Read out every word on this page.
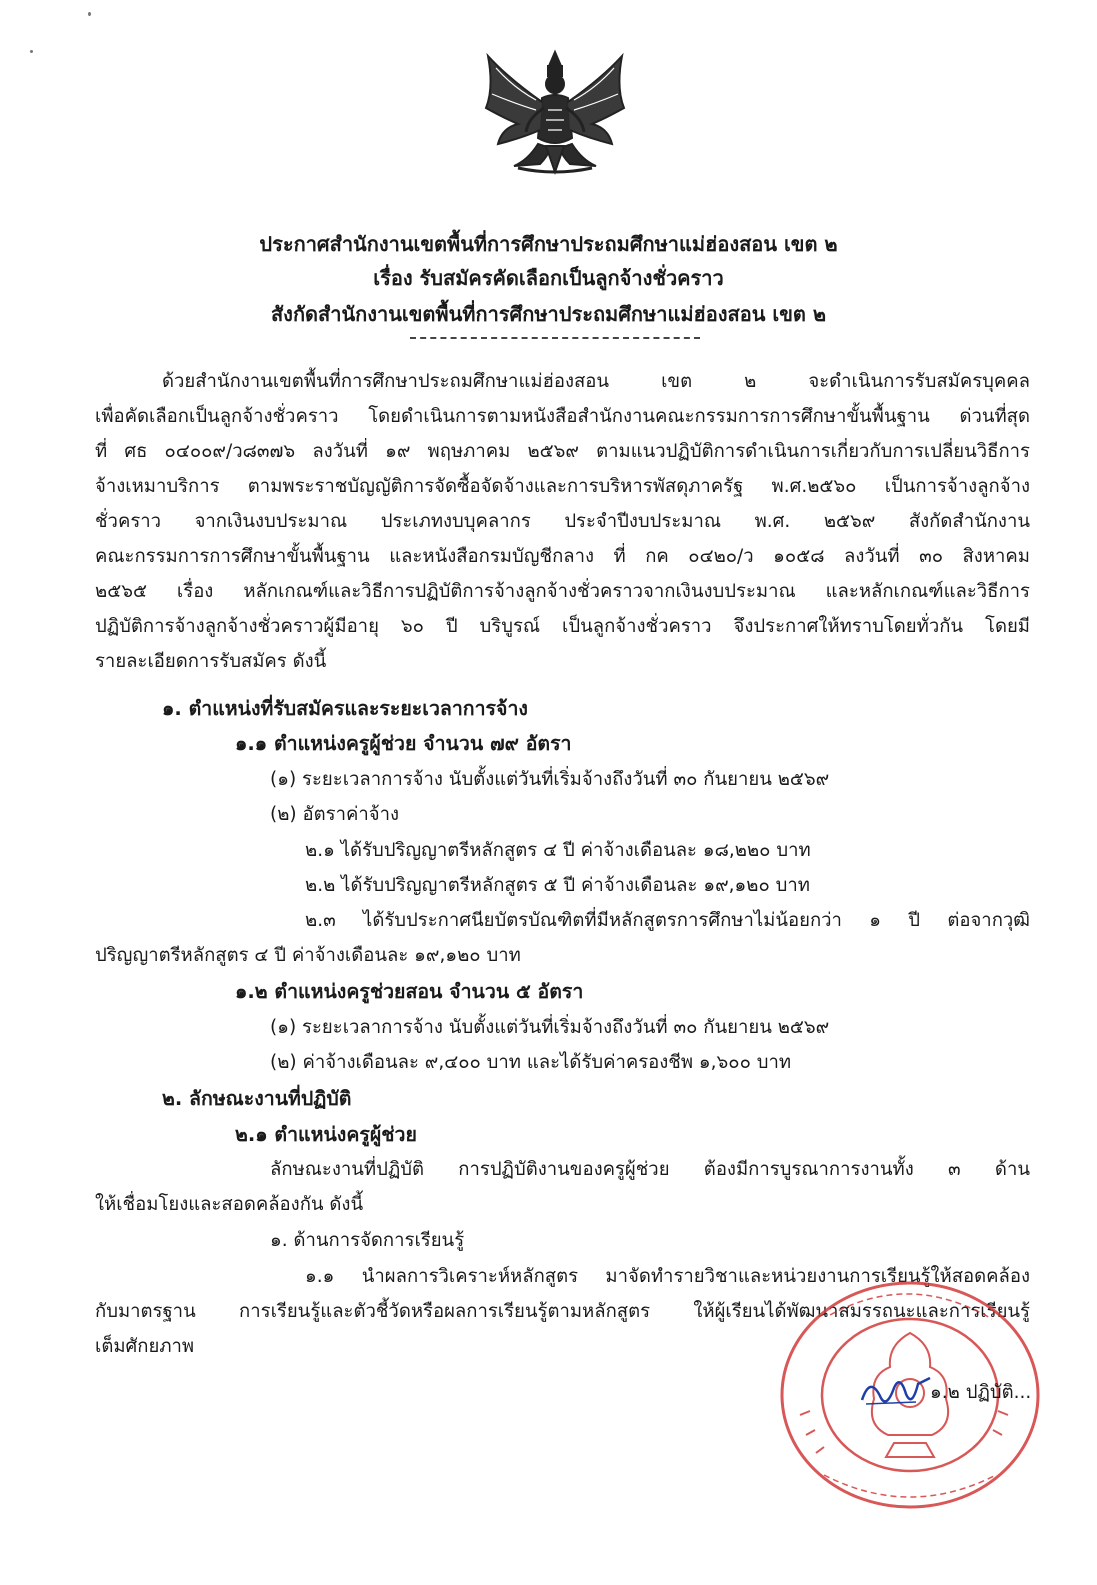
ประกาศสำนักงานเขตพื้นที่การศึกษาประถมศึกษาแม่ฮ่องสอน เขต ๒
เรื่อง รับสมัครคัดเลือกเป็นลูกจ้างชั่วคราว
สังกัดสำนักงานเขตพื้นที่การศึกษาประถมศึกษาแม่ฮ่องสอน เขต ๒
ด้วยสำนักงานเขตพื้นที่การศึกษาประถมศึกษาแม่ฮ่องสอน เขต ๒ จะดำเนินการรับสมัครบุคคล
เพื่อคัดเลือกเป็นลูกจ้างชั่วคราว โดยดำเนินการตามหนังสือสำนักงานคณะกรรมการการศึกษาขั้นพื้นฐาน ด่วนที่สุด
ที่ ศธ ๐๔๐๐๙/ว๘๓๗๖ ลงวันที่ ๑๙ พฤษภาคม ๒๕๖๙ ตามแนวปฏิบัติการดำเนินการเกี่ยวกับการเปลี่ยนวิธีการ
จ้างเหมาบริการ ตามพระราชบัญญัติการจัดซื้อจัดจ้างและการบริหารพัสดุภาครัฐ พ.ศ.๒๕๖๐ เป็นการจ้างลูกจ้าง
ชั่วคราว จากเงินงบประมาณ ประเภทงบบุคลากร ประจำปีงบประมาณ พ.ศ. ๒๕๖๙ สังกัดสำนักงาน
คณะกรรมการการศึกษาขั้นพื้นฐาน และหนังสือกรมบัญชีกลาง ที่ กค ๐๔๒๐/ว ๑๐๕๘ ลงวันที่ ๓๐ สิงหาคม
๒๕๖๕ เรื่อง หลักเกณฑ์และวิธีการปฏิบัติการจ้างลูกจ้างชั่วคราวจากเงินงบประมาณ และหลักเกณฑ์และวิธีการ
ปฏิบัติการจ้างลูกจ้างชั่วคราวผู้มีอายุ ๖๐ ปี บริบูรณ์ เป็นลูกจ้างชั่วคราว จึงประกาศให้ทราบโดยทั่วกัน โดยมี
รายละเอียดการรับสมัคร ดังนี้
๑. ตำแหน่งที่รับสมัครและระยะเวลาการจ้าง
๑.๑ ตำแหน่งครูผู้ช่วย จำนวน ๗๙ อัตรา
(๑) ระยะเวลาการจ้าง นับตั้งแต่วันที่เริ่มจ้างถึงวันที่ ๓๐ กันยายน ๒๕๖๙
(๒) อัตราค่าจ้าง
๒.๑ ได้รับปริญญาตรีหลักสูตร ๔ ปี ค่าจ้างเดือนละ ๑๘,๒๒๐ บาท
๒.๒ ได้รับปริญญาตรีหลักสูตร ๕ ปี ค่าจ้างเดือนละ ๑๙,๑๒๐ บาท
๒.๓ ได้รับประกาศนียบัตรบัณฑิตที่มีหลักสูตรการศึกษาไม่น้อยกว่า ๑ ปี ต่อจากวุฒิ
ปริญญาตรีหลักสูตร ๔ ปี ค่าจ้างเดือนละ ๑๙,๑๒๐ บาท
๑.๒ ตำแหน่งครูช่วยสอน จำนวน ๕ อัตรา
(๑) ระยะเวลาการจ้าง นับตั้งแต่วันที่เริ่มจ้างถึงวันที่ ๓๐ กันยายน ๒๕๖๙
(๒) ค่าจ้างเดือนละ ๙,๔๐๐ บาท และได้รับค่าครองชีพ ๑,๖๐๐ บาท
๒. ลักษณะงานที่ปฏิบัติ
๒.๑ ตำแหน่งครูผู้ช่วย
ลักษณะงานที่ปฏิบัติ การปฏิบัติงานของครูผู้ช่วย ต้องมีการบูรณาการงานทั้ง ๓ ด้าน
ให้เชื่อมโยงและสอดคล้องกัน ดังนี้
๑. ด้านการจัดการเรียนรู้
๑.๑ นำผลการวิเคราะห์หลักสูตร มาจัดทำรายวิชาและหน่วยงานการเรียนรู้ให้สอดคล้อง
กับมาตรฐาน การเรียนรู้และตัวชี้วัดหรือผลการเรียนรู้ตามหลักสูตร ให้ผู้เรียนได้พัฒนาสมรรถนะและการเรียนรู้
เต็มศักยภาพ
๑.๒ ปฏิบัติ...
